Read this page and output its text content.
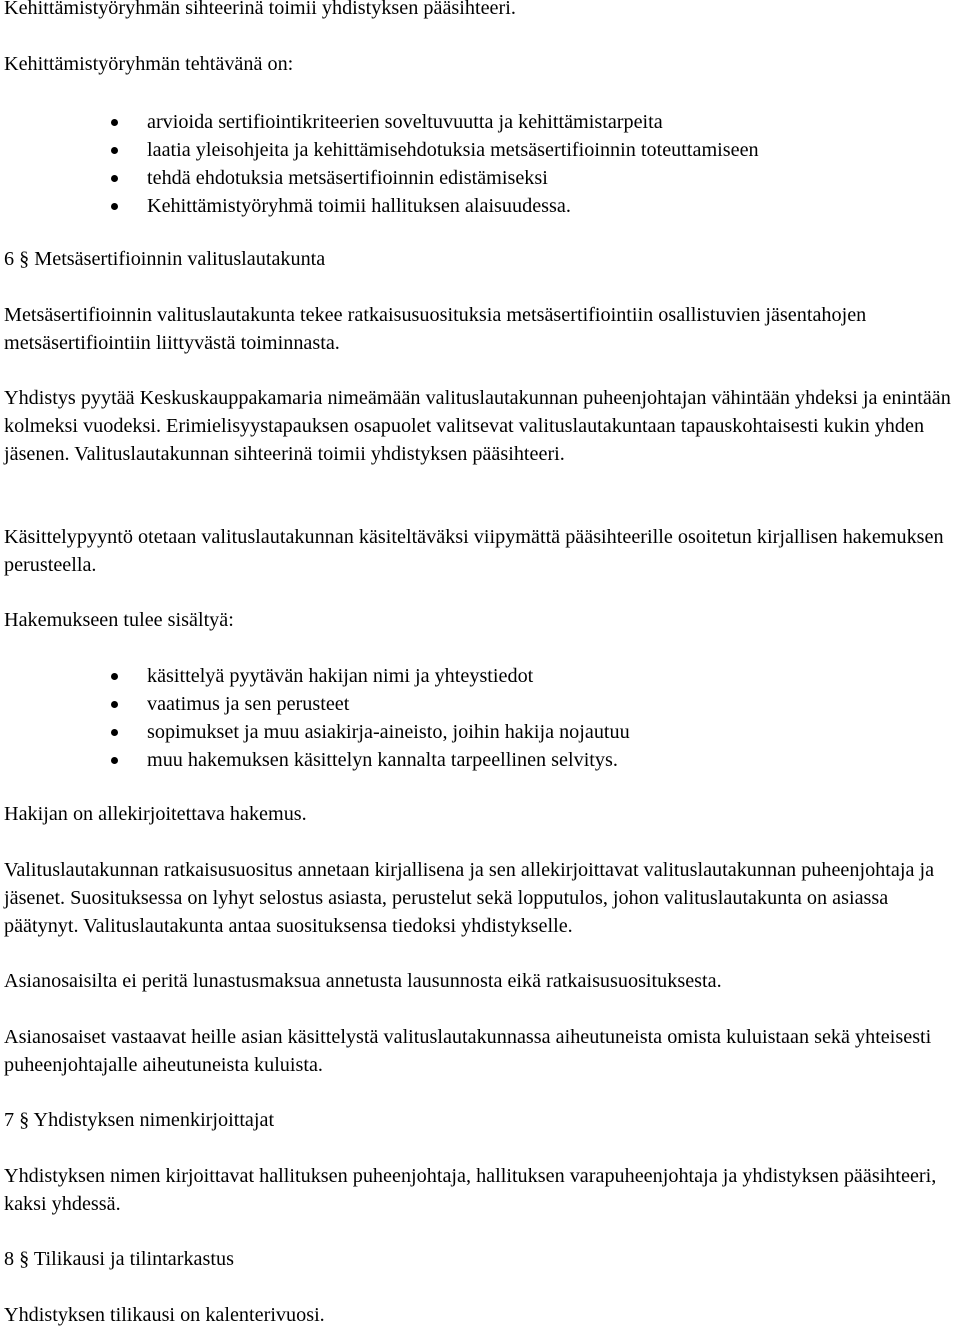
Kehittämistyöryhmän sihteerinä toimii yhdistyksen pääsihteeri.

Kehittämistyöryhmän tehtävänä on:

arvioida sertifiointikriteerien soveltuvuutta ja kehittämistarpeita
laatia yleisohjeita ja kehittämisehdotuksia metsäsertifioinnin toteuttamiseen
tehdä ehdotuksia metsäsertifioinnin edistämiseksi
Kehittämistyöryhmä toimii hallituksen alaisuudessa.

6 § Metsäsertifioinnin valituslautakunta

Metsäsertifioinnin valituslautakunta tekee ratkaisusuosituksia metsäsertifiointiin osallistuvien jäsentahojen metsäsertifiointiin liittyvästä toiminnasta.

Yhdistys pyytää Keskuskauppakamaria nimeämään valituslautakunnan puheenjohtajan vähintään yhdeksi ja enintään kolmeksi vuodeksi. Erimielisyystapauksen osapuolet valitsevat valituslautakuntaan tapauskohtaisesti kukin yhden jäsenen. Valituslautakunnan sihteerinä toimii yhdistyksen pääsihteeri.

Käsittelypyyntö otetaan valituslautakunnan käsiteltäväksi viipymättä pääsihteerille osoitetun kirjallisen hakemuksen perusteella.

Hakemukseen tulee sisältyä:

käsittelyä pyytävän hakijan nimi ja yhteystiedot
vaatimus ja sen perusteet
sopimukset ja muu asiakirja-aineisto, joihin hakija nojautuu
muu hakemuksen käsittelyn kannalta tarpeellinen selvitys.

Hakijan on allekirjoitettava hakemus.

Valituslautakunnan ratkaisusuositus annetaan kirjallisena ja sen allekirjoittavat valituslautakunnan puheenjohtaja ja jäsenet. Suosituksessa on lyhyt selostus asiasta, perustelut sekä lopputulos, johon valituslautakunta on asiassa päätynyt. Valituslautakunta antaa suosituksensa tiedoksi yhdistykselle.

Asianosaisilta ei peritä lunastusmaksua annetusta lausunnosta eikä ratkaisusuosituksesta.

Asianosaiset vastaavat heille asian käsittelystä valituslautakunnassa aiheutuneista omista kuluistaan sekä yhteisesti puheenjohtajalle aiheutuneista kuluista.

7 § Yhdistyksen nimenkirjoittajat

Yhdistyksen nimen kirjoittavat hallituksen puheenjohtaja, hallituksen varapuheenjohtaja ja yhdistyksen pääsihteeri, kaksi yhdessä.

8 § Tilikausi ja tilintarkastus

Yhdistyksen tilikausi on kalenterivuosi.
